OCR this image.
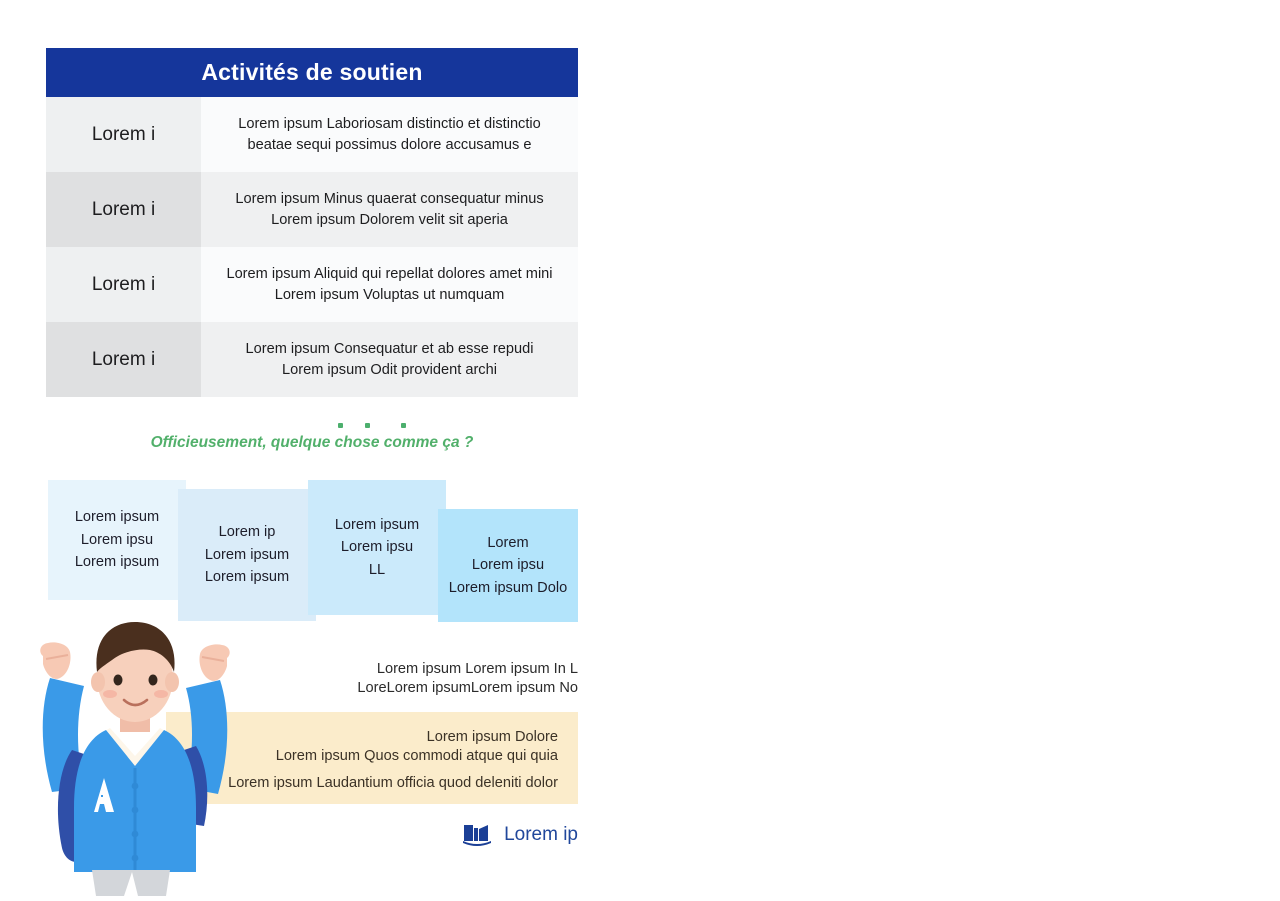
Activités de soutien
Lorem i	Lorem ipsum Laboriosam distinctio et distinctio
beatae sequi possimus dolore accusamus e
Lorem i	Lorem ipsum Minus quaerat consequatur minus
Lorem ipsum Dolorem velit sit aperia
Lorem i	Lorem ipsum Aliquid qui repellat dolores amet mini
Lorem ipsum Voluptas ut numquam
Lorem i	Lorem ipsum Consequatur et ab esse repudi
Lorem ipsum Odit provident archi
Officieusement, quelque chose comme ça ?
Lorem ipsum
Lorem ipsu
Lorem ipsum
Lorem ip
Lorem ipsum
Lorem ipsum
Lorem ipsum
Lorem ipsu
LL
Lorem
Lorem ipsu
Lorem ipsum Dolo
Lorem ipsum Lorem ipsum In L
LoreLorem ipsumLorem ipsum No
Lorem ipsum Dolore
Lorem ipsum Quos commodi atque qui quia
Lorem ipsum Laudantium officia quod deleniti dolor
Lorem ip
